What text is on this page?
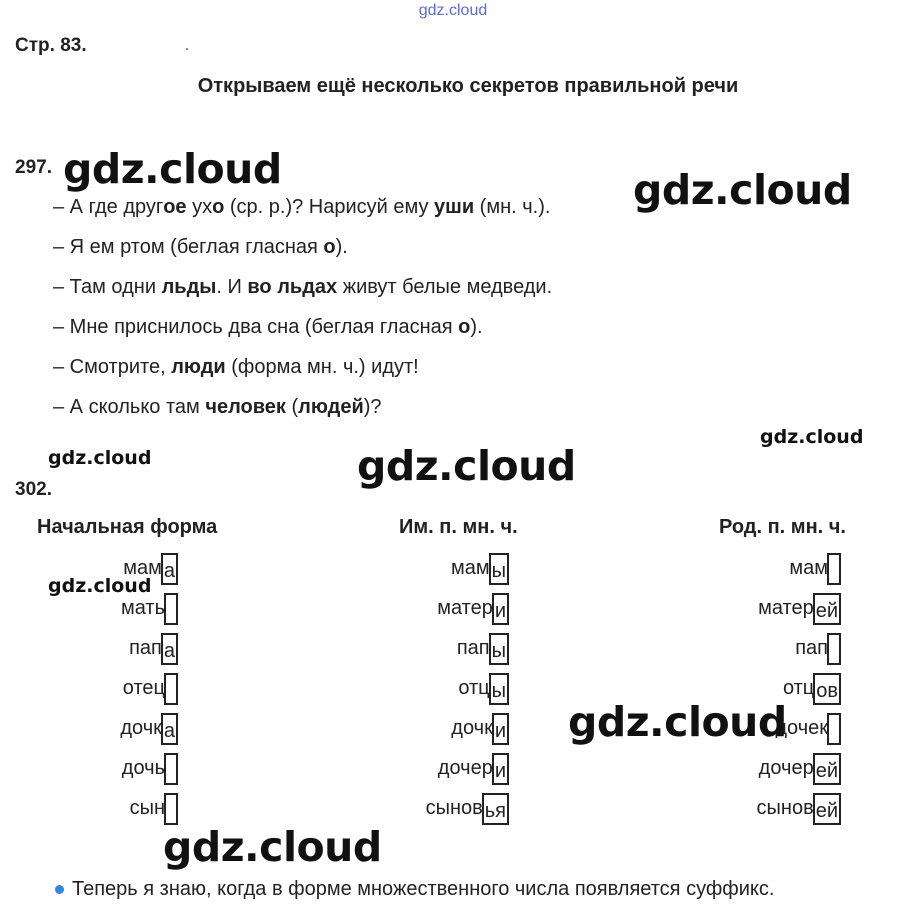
gdz.cloud
Стр. 83.
Открываем ещё несколько секретов правильной речи
297.
– А где другое ухо (ср. р.)? Нарисуй ему уши (мн. ч.).
– Я ем ртом (беглая гласная о).
– Там одни льды. И во льдах живут белые медведи.
– Мне приснилось два сна (беглая гласная о).
– Смотрите, люди (форма мн. ч.) идут!
– А сколько там человек (людей)?
302.
Начальная форма	Им. п. мн. ч.	Род. п. мн. ч.
мам а	мам ы	мам
мать	матер и	матер ей
пап а	пап ы	пап
отец	отц ы	отц ов
дочк а	дочк и	дочек
дочь	дочер и	дочер ей
сын	сынов ья	сынов ей
Теперь я знаю, когда в форме множественного числа появляется суффикс.
gdz.cloud	gdz.cloud
gdz.cloud
gdz.cloud	gdz.cloud
gdz.cloud
gdz.cloud
gdz.cloud
